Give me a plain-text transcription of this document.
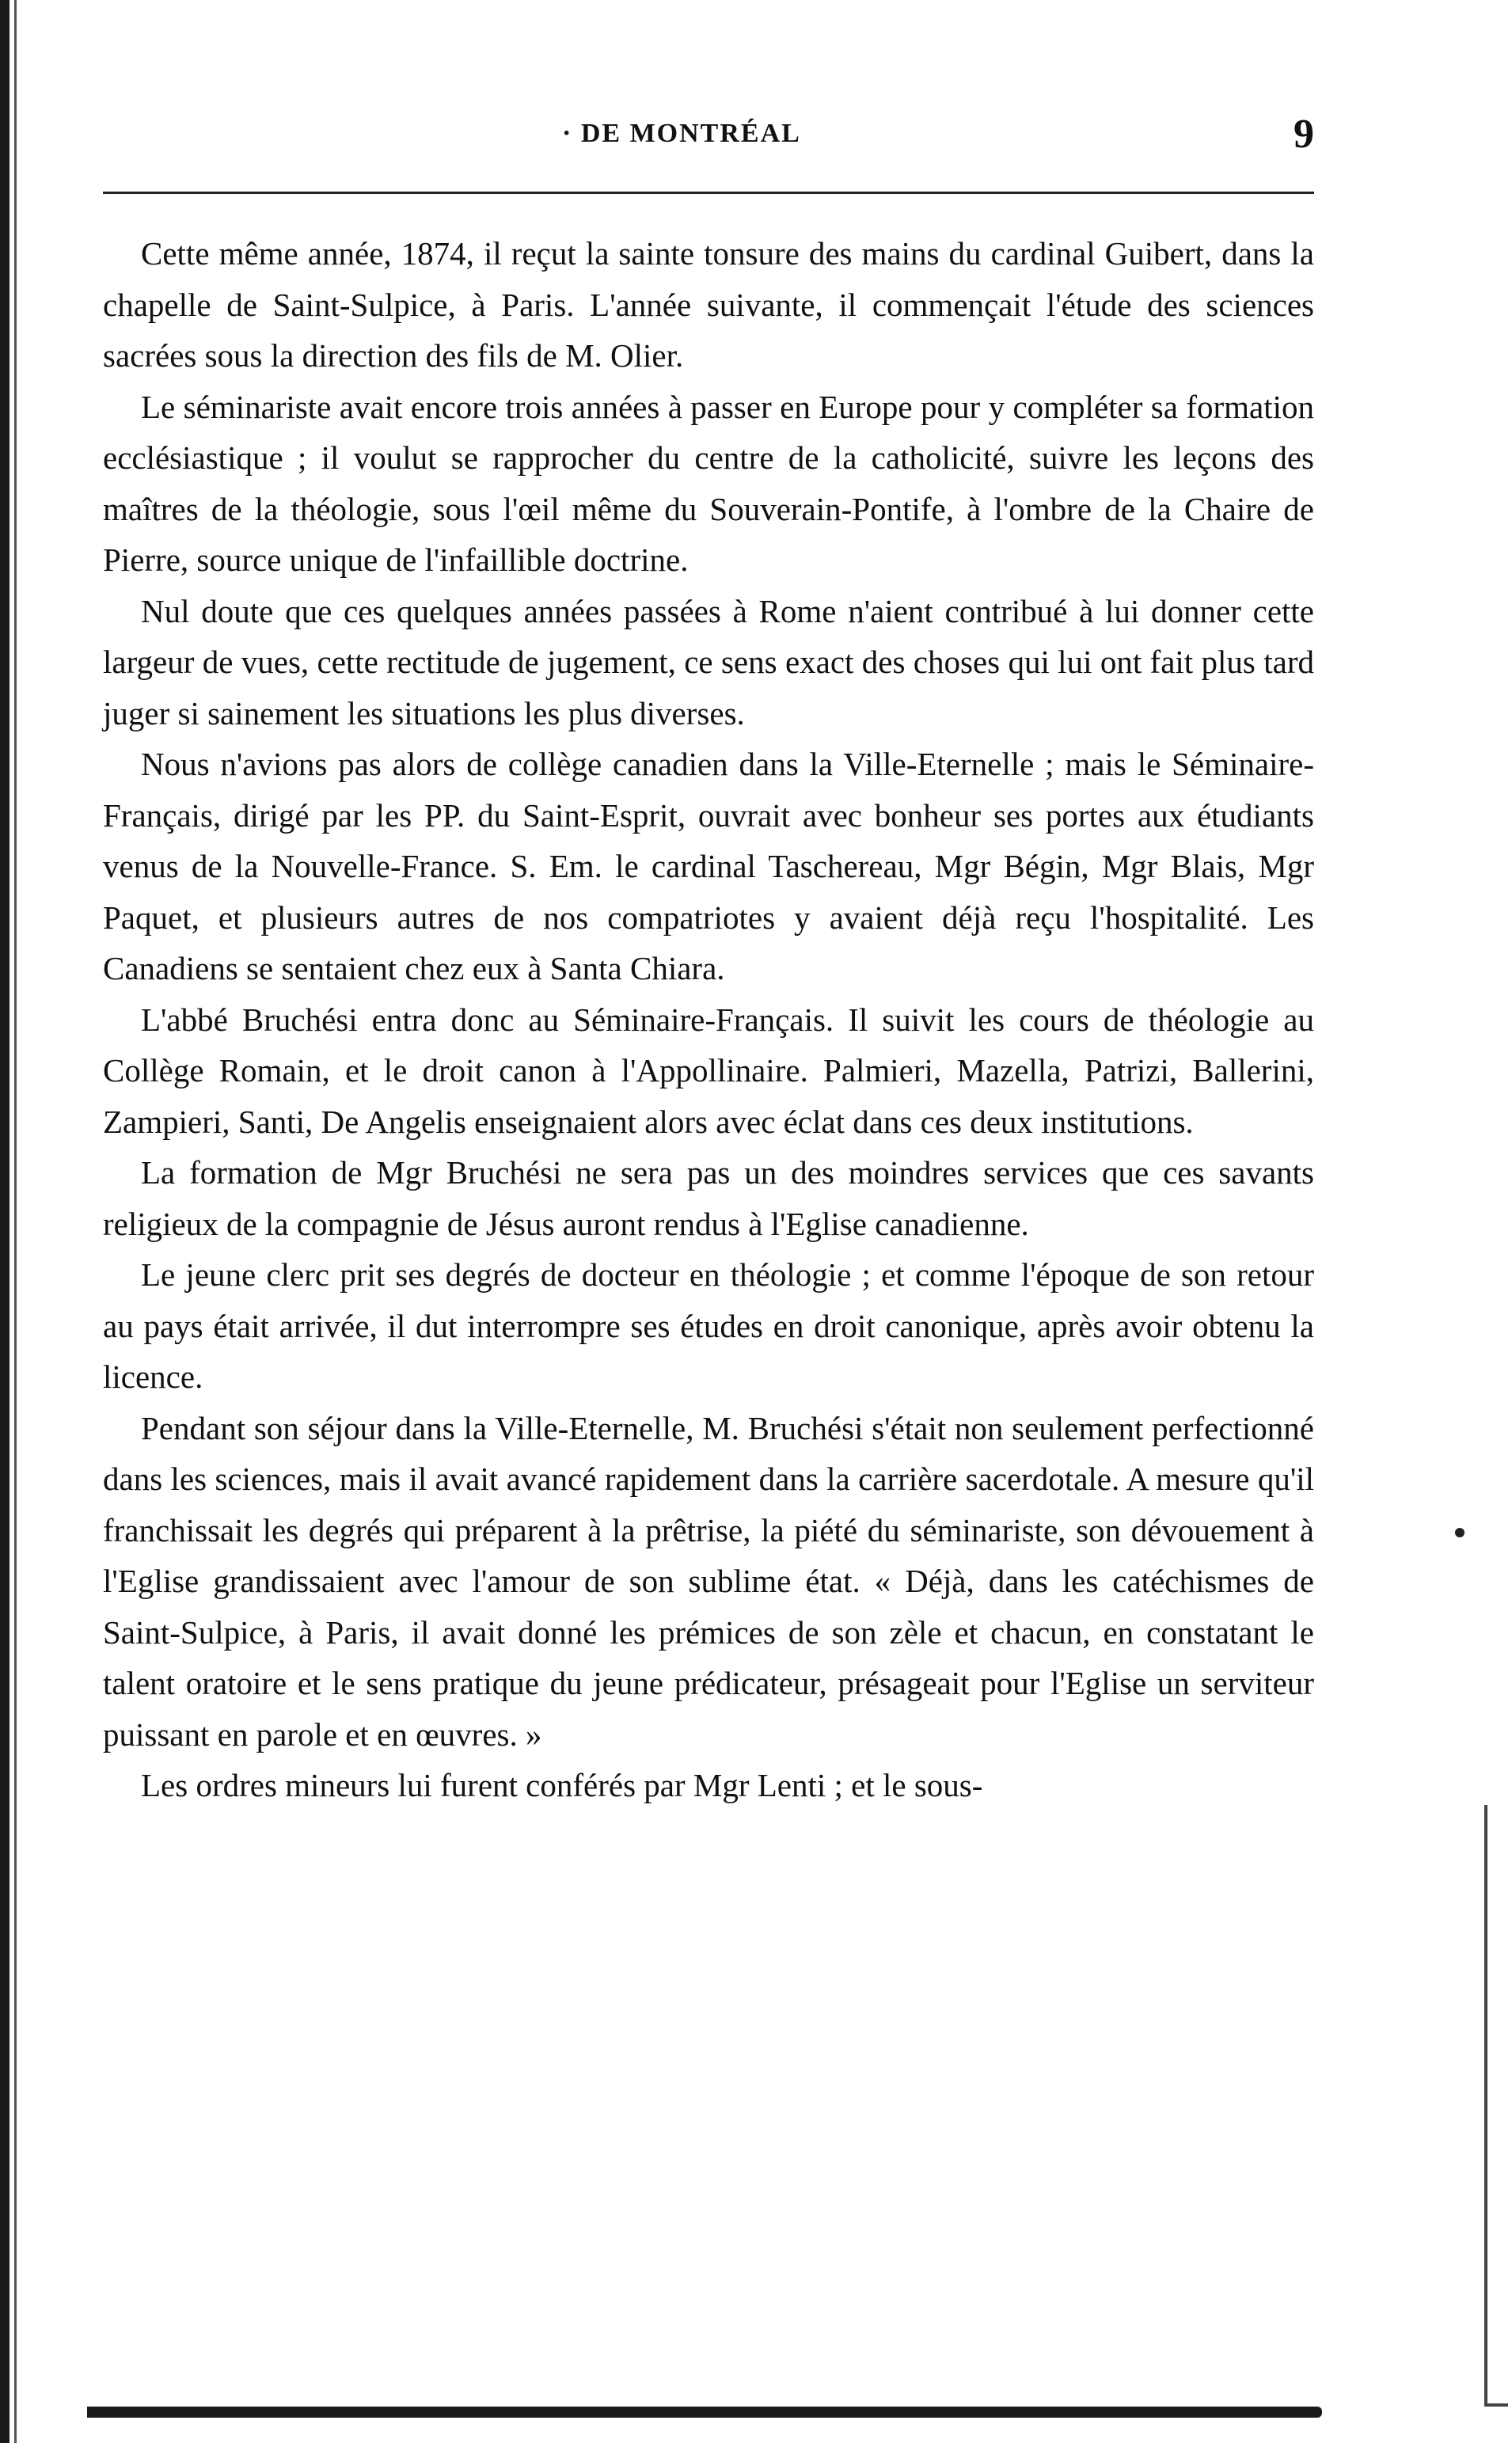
· DE MONTRÉAL	9

Cette même année, 1874, il reçut la sainte tonsure des mains du cardinal Guibert, dans la chapelle de Saint-Sulpice, à Paris. L'année suivante, il commençait l'étude des sciences sacrées sous la direction des fils de M. Olier.

Le séminariste avait encore trois années à passer en Europe pour y compléter sa formation ecclésiastique ; il voulut se rapprocher du centre de la catholicité, suivre les leçons des maîtres de la théologie, sous l'œil même du Souverain-Pontife, à l'ombre de la Chaire de Pierre, source unique de l'infaillible doctrine.

Nul doute que ces quelques années passées à Rome n'aient contribué à lui donner cette largeur de vues, cette rectitude de jugement, ce sens exact des choses qui lui ont fait plus tard juger si sainement les situations les plus diverses.

Nous n'avions pas alors de collège canadien dans la Ville-Eternelle ; mais le Séminaire-Français, dirigé par les PP. du Saint-Esprit, ouvrait avec bonheur ses portes aux étudiants venus de la Nouvelle-France. S. Em. le cardinal Taschereau, Mgr Bégin, Mgr Blais, Mgr Paquet, et plusieurs autres de nos compatriotes y avaient déjà reçu l'hospitalité. Les Canadiens se sentaient chez eux à Santa Chiara.

L'abbé Bruchési entra donc au Séminaire-Français. Il suivit les cours de théologie au Collège Romain, et le droit canon à l'Appollinaire. Palmieri, Mazella, Patrizi, Ballerini, Zampieri, Santi, De Angelis enseignaient alors avec éclat dans ces deux institutions.

La formation de Mgr Bruchési ne sera pas un des moindres services que ces savants religieux de la compagnie de Jésus auront rendus à l'Eglise canadienne.

Le jeune clerc prit ses degrés de docteur en théologie ; et comme l'époque de son retour au pays était arrivée, il dut interrompre ses études en droit canonique, après avoir obtenu la licence.

Pendant son séjour dans la Ville-Eternelle, M. Bruchési s'était non seulement perfectionné dans les sciences, mais il avait avancé rapidement dans la carrière sacerdotale. A mesure qu'il franchissait les degrés qui préparent à la prêtrise, la piété du séminariste, son dévouement à l'Eglise grandissaient avec l'amour de son sublime état. « Déjà, dans les catéchismes de Saint-Sulpice, à Paris, il avait donné les prémices de son zèle et chacun, en constatant le talent oratoire et le sens pratique du jeune prédicateur, présageait pour l'Eglise un serviteur puissant en parole et en œuvres. »

Les ordres mineurs lui furent conférés par Mgr Lenti ; et le sous-
